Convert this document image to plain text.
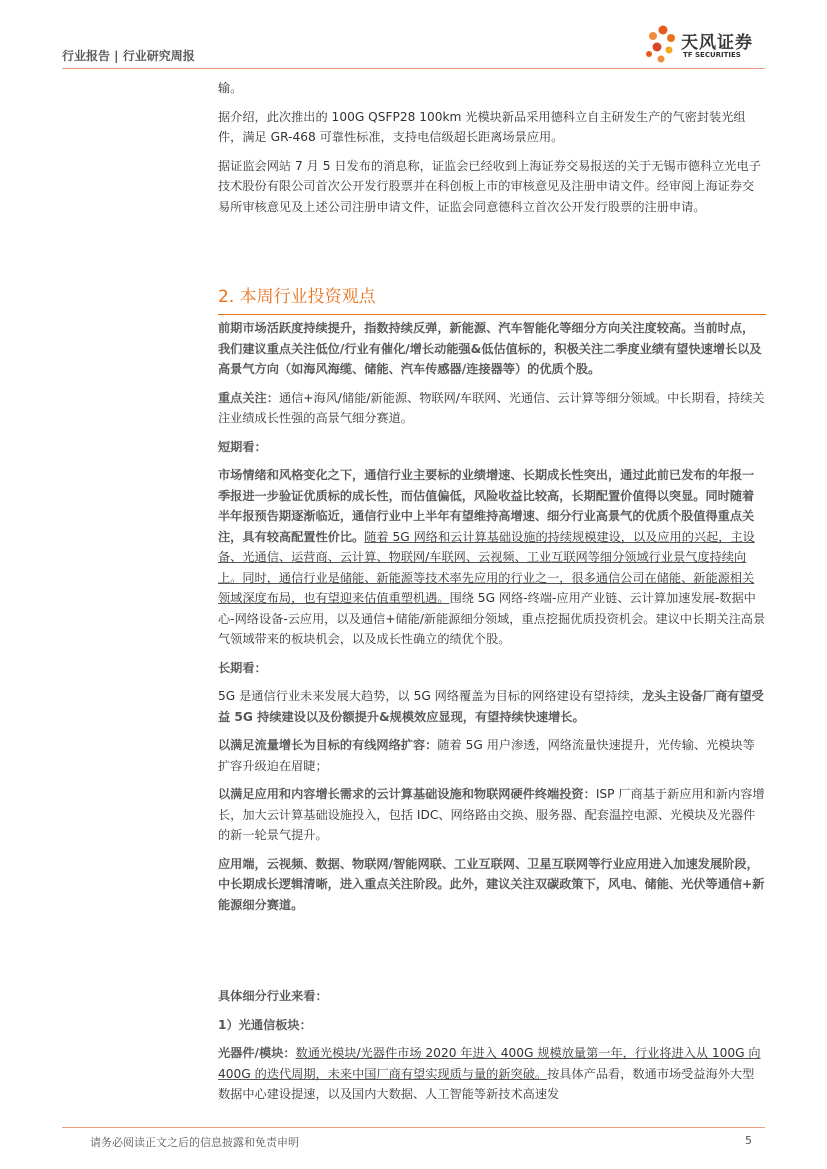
行业报告 | 行业研究周报
天风证券
TF SECURITIES

输。

据介绍，此次推出的 100G QSFP28 100km 光模块新品采用德科立自主研发生产的气密封装光组件，满足 GR-468 可靠性标准，支持电信级超长距离场景应用。

据证监会网站 7 月 5 日发布的消息称，证监会已经收到上海证券交易报送的关于无锡市德科立光电子技术股份有限公司首次公开发行股票并在科创板上市的审核意见及注册申请文件。经审阅上海证券交易所审核意见及上述公司注册申请文件，证监会同意德科立首次公开发行股票的注册申请。

2. 本周行业投资观点

前期市场活跃度持续提升，指数持续反弹，新能源、汽车智能化等细分方向关注度较高。当前时点，我们建议重点关注低位/行业有催化/增长动能强&低估值标的，积极关注二季度业绩有望快速增长以及高景气方向（如海风海缆、储能、汽车传感器/连接器等）的优质个股。

重点关注：通信+海风/储能/新能源、物联网/车联网、光通信、云计算等细分领域。中长期看，持续关注业绩成长性强的高景气细分赛道。

短期看：

市场情绪和风格变化之下，通信行业主要标的业绩增速、长期成长性突出，通过此前已发布的年报一季报进一步验证优质标的成长性，而估值偏低，风险收益比较高，长期配置价值得以突显。同时随着半年报预告期逐渐临近，通信行业中上半年有望维持高增速、细分行业高景气的优质个股值得重点关注，具有较高配置性价比。随着 5G 网络和云计算基础设施的持续规模建设，以及应用的兴起，主设备、光通信、运营商、云计算、物联网/车联网、云视频、工业互联网等细分领域行业景气度持续向上。同时，通信行业是储能、新能源等技术率先应用的行业之一，很多通信公司在储能、新能源相关领域深度布局，也有望迎来估值重塑机遇。围绕 5G 网络-终端-应用产业链、云计算加速发展-数据中心-网络设备-云应用，以及通信+储能/新能源细分领域，重点挖掘优质投资机会。建议中长期关注高景气领域带来的板块机会，以及成长性确立的绩优个股。

长期看：

5G 是通信行业未来发展大趋势，以 5G 网络覆盖为目标的网络建设有望持续，龙头主设备厂商有望受益 5G 持续建设以及份额提升&规模效应显现，有望持续快速增长。

以满足流量增长为目标的有线网络扩容：随着 5G 用户渗透，网络流量快速提升，光传输、光模块等扩容升级迫在眉睫；

以满足应用和内容增长需求的云计算基础设施和物联网硬件终端投资：ISP 厂商基于新应用和新内容增长，加大云计算基础设施投入，包括 IDC、网络路由交换、服务器、配套温控电源、光模块及光器件的新一轮景气提升。

应用端，云视频、数据、物联网/智能网联、工业互联网、卫星互联网等行业应用进入加速发展阶段，中长期成长逻辑清晰，进入重点关注阶段。此外，建议关注双碳政策下，风电、储能、光伏等通信+新能源细分赛道。

具体细分行业来看：

1）光通信板块：

光器件/模块：数通光模块/光器件市场 2020 年进入 400G 规模放量第一年，行业将进入从 100G 向 400G 的迭代周期，未来中国厂商有望实现质与量的新突破。按具体产品看，数通市场受益海外大型数据中心建设提速，以及国内大数据、人工智能等新技术高速发

请务必阅读正文之后的信息披露和免责申明	5
